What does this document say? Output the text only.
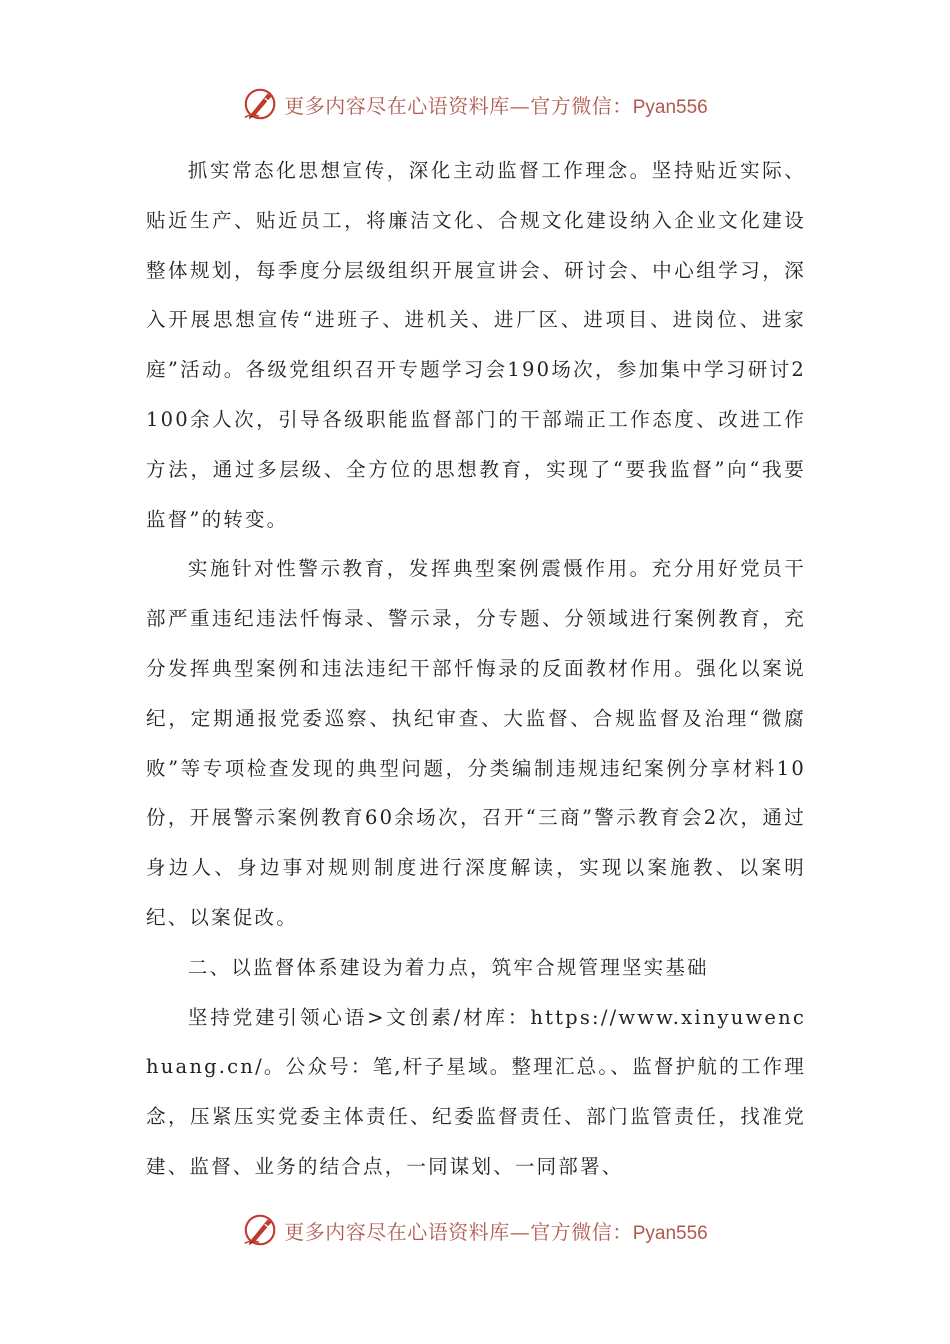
更多内容尽在心语资料库—官方微信：Pyan556

抓实常态化思想宣传，深化主动监督工作理念。坚持贴近实际、贴近生产、贴近员工，将廉洁文化、合规文化建设纳入企业文化建设整体规划，每季度分层级组织开展宣讲会、研讨会、中心组学习，深入开展思想宣传“进班子、进机关、进厂区、进项目、进岗位、进家庭”活动。各级党组织召开专题学习会190场次，参加集中学习研讨2100余人次，引导各级职能监督部门的干部端正工作态度、改进工作方法，通过多层级、全方位的思想教育，实现了“要我监督”向“我要监督”的转变。

实施针对性警示教育，发挥典型案例震慑作用。充分用好党员干部严重违纪违法忏悔录、警示录，分专题、分领域进行案例教育，充分发挥典型案例和违法违纪干部忏悔录的反面教材作用。强化以案说纪，定期通报党委巡察、执纪审查、大监督、合规监督及治理“微腐败”等专项检查发现的典型问题，分类编制违规违纪案例分享材料10份，开展警示案例教育60余场次，召开“三商”警示教育会2次，通过身边人、身边事对规则制度进行深度解读，实现以案施教、以案明纪、以案促改。

二、以监督体系建设为着力点，筑牢合规管理坚实基础

坚持党建引领心语>文创素/材库：https://www.xinyuwenchuang.cn/。公众号：笔,杆子星域。整理汇总。、监督护航的工作理念，压紧压实党委主体责任、纪委监督责任、部门监管责任，找准党建、监督、业务的结合点，一同谋划、一同部署、

更多内容尽在心语资料库—官方微信：Pyan556
